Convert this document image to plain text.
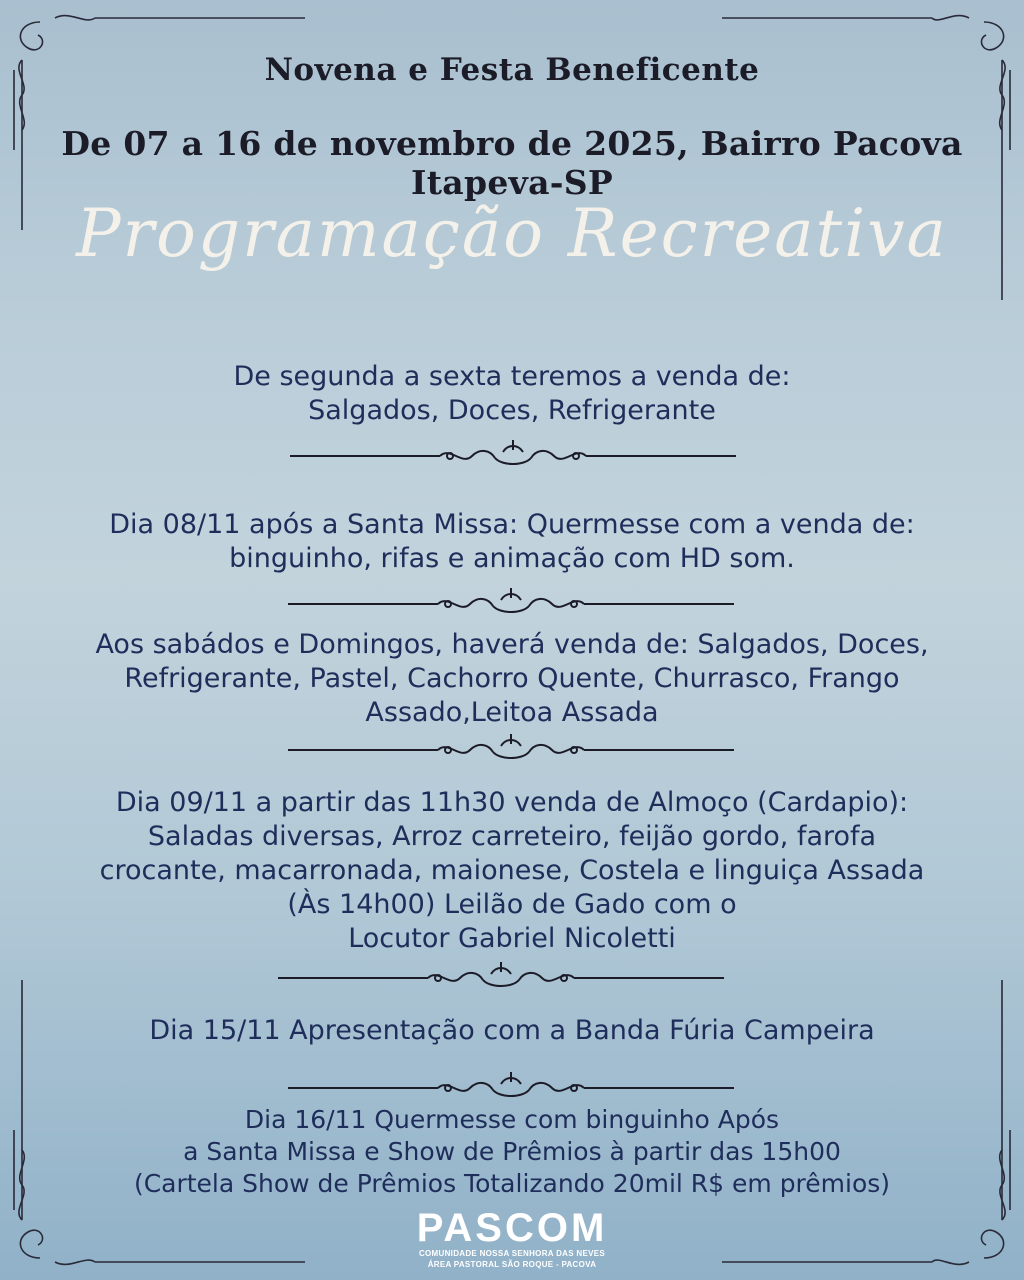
Novena e Festa Beneficente
De 07 a 16 de novembro de 2025, Bairro Pacova Itapeva-SP
Programação Recreativa
De segunda a sexta teremos a venda de:
Salgados, Doces, Refrigerante
Dia 08/11 após a Santa Missa: Quermesse com a venda de:
binguinho, rifas e animação com HD som.
Aos sabádos e Domingos, haverá venda de: Salgados, Doces,
Refrigerante, Pastel, Cachorro Quente, Churrasco, Frango
Assado,Leitoa Assada
Dia 09/11 a partir das 11h30 venda de Almoço (Cardapio):
Saladas diversas, Arroz carreteiro, feijão gordo, farofa
crocante, macarronada, maionese, Costela e linguiça Assada
(Às 14h00) Leilão de Gado com o
Locutor Gabriel Nicoletti
Dia 15/11 Apresentação com a Banda Fúria Campeira
Dia 16/11 Quermesse com binguinho Após
a Santa Missa e Show de Prêmios à partir das 15h00
(Cartela Show de Prêmios Totalizando 20mil R$ em prêmios)
PASCOM
COMUNIDADE NOSSA SENHORA DAS NEVES
ÁREA PASTORAL SÃO ROQUE - PACOVA
